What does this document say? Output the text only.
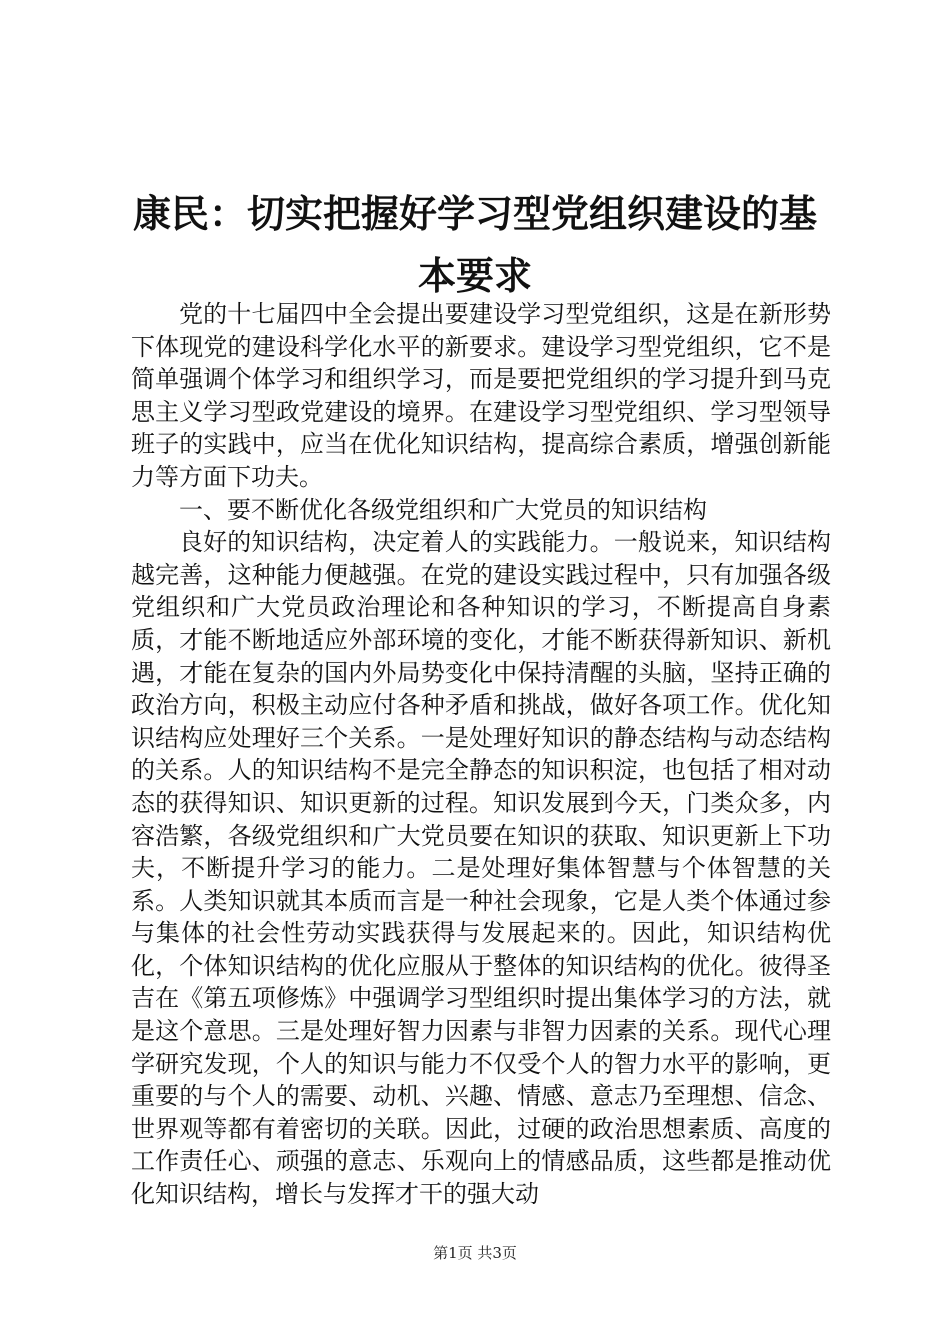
康民：切实把握好学习型党组织建设的基本要求

党的十七届四中全会提出要建设学习型党组织，这是在新形势下体现党的建设科学化水平的新要求。建设学习型党组织，它不是简单强调个体学习和组织学习，而是要把党组织的学习提升到马克思主义学习型政党建设的境界。在建设学习型党组织、学习型领导班子的实践中，应当在优化知识结构，提高综合素质，增强创新能力等方面下功夫。

一、要不断优化各级党组织和广大党员的知识结构

良好的知识结构，决定着人的实践能力。一般说来，知识结构越完善，这种能力便越强。在党的建设实践过程中，只有加强各级党组织和广大党员政治理论和各种知识的学习，不断提高自身素质，才能不断地适应外部环境的变化，才能不断获得新知识、新机遇，才能在复杂的国内外局势变化中保持清醒的头脑，坚持正确的政治方向，积极主动应付各种矛盾和挑战，做好各项工作。优化知识结构应处理好三个关系。一是处理好知识的静态结构与动态结构的关系。人的知识结构不是完全静态的知识积淀，也包括了相对动态的获得知识、知识更新的过程。知识发展到今天，门类众多，内容浩繁，各级党组织和广大党员要在知识的获取、知识更新上下功夫，不断提升学习的能力。二是处理好集体智慧与个体智慧的关系。人类知识就其本质而言是一种社会现象，它是人类个体通过参与集体的社会性劳动实践获得与发展起来的。因此，知识结构优化，个体知识结构的优化应服从于整体的知识结构的优化。彼得圣吉在《第五项修炼》中强调学习型组织时提出集体学习的方法，就是这个意思。三是处理好智力因素与非智力因素的关系。现代心理学研究发现，个人的知识与能力不仅受个人的智力水平的影响，更重要的与个人的需要、动机、兴趣、情感、意志乃至理想、信念、世界观等都有着密切的关联。因此，过硬的政治思想素质、高度的工作责任心、顽强的意志、乐观向上的情感品质，这些都是推动优化知识结构，增长与发挥才干的强大动

第1页 共3页
